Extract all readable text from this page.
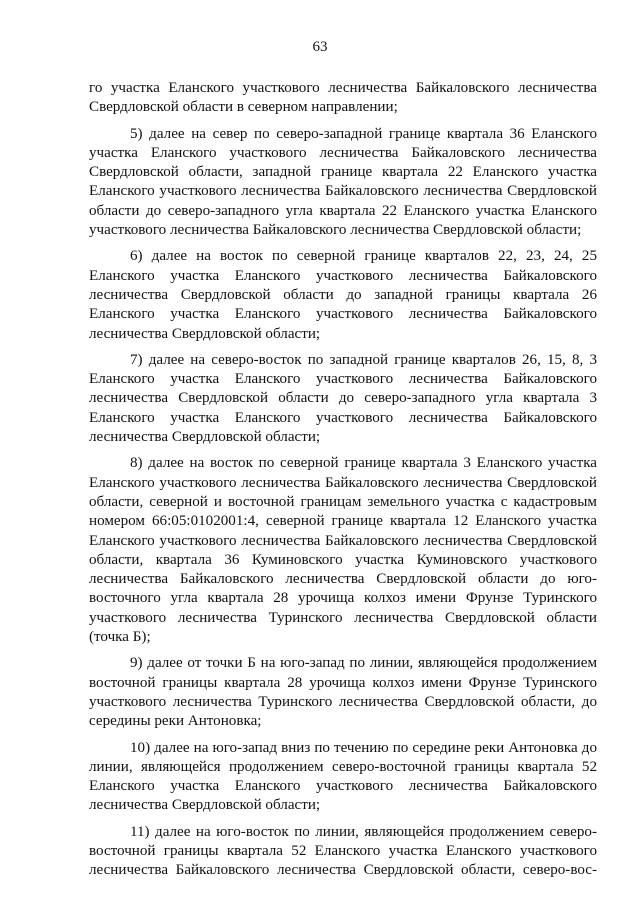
63

го участка Еланского участкового лесничества Байкаловского лесничества Свердловской области в северном направлении;

5) далее на север по северо-западной границе квартала 36 Еланского участка Еланского участкового лесничества Байкаловского лесничества Свердловской области, западной границе квартала 22 Еланского участка Еланского участкового лесничества Байкаловского лесничества Свердловской области до северо-западного угла квартала 22 Еланского участка Еланского участкового лесничества Байкаловского лесничества Свердловской области;

6) далее на восток по северной границе кварталов 22, 23, 24, 25 Еланского участка Еланского участкового лесничества Байкаловского лесничества Свердловской области до западной границы квартала 26 Еланского участка Еланского участкового лесничества Байкаловского лесничества Свердловской области;

7) далее на северо-восток по западной границе кварталов 26, 15, 8, 3 Еланского участка Еланского участкового лесничества Байкаловского лесничества Свердловской области до северо-западного угла квартала 3 Еланского участка Еланского участкового лесничества Байкаловского лесничества Свердловской области;

8) далее на восток по северной границе квартала 3 Еланского участка Еланского участкового лесничества Байкаловского лесничества Свердловской области, северной и восточной границам земельного участка с кадастровым номером 66:05:0102001:4, северной границе квартала 12 Еланского участка Еланского участкового лесничества Байкаловского лесничества Свердловской области, квартала 36 Куминовского участка Куминовского участкового лесничества Байкаловского лесничества Свердловской области до юго-восточного угла квартала 28 урочища колхоз имени Фрунзе Туринского участкового лесничества Туринского лесничества Свердловской области (точка Б);

9) далее от точки Б на юго-запад по линии, являющейся продолжением восточной границы квартала 28 урочища колхоз имени Фрунзе Туринского участкового лесничества Туринского лесничества Свердловской области, до середины реки Антоновка;

10) далее на юго-запад вниз по течению по середине реки Антоновка до линии, являющейся продолжением северо-восточной границы квартала 52 Еланского участка Еланского участкового лесничества Байкаловского лесничества Свердловской области;

11) далее на юго-восток по линии, являющейся продолжением северо-восточной границы квартала 52 Еланского участка Еланского участкового лесничества Байкаловского лесничества Свердловской области, северо-вос-
